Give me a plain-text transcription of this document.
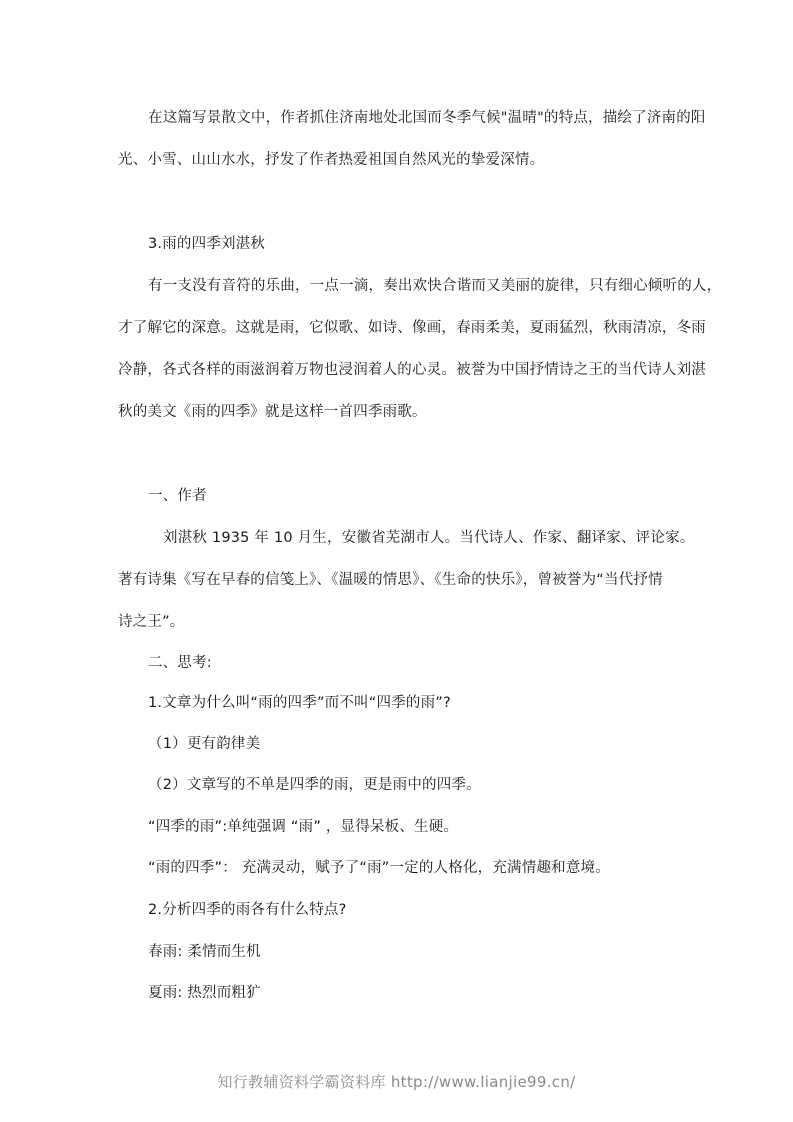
在这篇写景散文中，作者抓住济南地处北国而冬季气候"温晴"的特点，描绘了济南的阳
光、小雪、山山水水，抒发了作者热爱祖国自然风光的挚爱深情。
3.雨的四季刘湛秋
有一支没有音符的乐曲，一点一滴，奏出欢快合谐而又美丽的旋律，只有细心倾听的人，
才了解它的深意。这就是雨，它似歌、如诗、像画，春雨柔美，夏雨猛烈，秋雨清凉，冬雨
冷静，各式各样的雨滋润着万物也浸润着人的心灵。被誉为中国抒情诗之王的当代诗人刘湛
秋的美文《雨的四季》就是这样一首四季雨歌。
一、作者
刘湛秋 1935 年 10 月生，安徽省芜湖市人。当代诗人、作家、翻译家、评论家。
著有诗集《写在早春的信笺上》、《温暖的情思》、《生命的快乐》，曾被誉为“当代抒情
诗之王”。
二、思考:
1.文章为什么叫“雨的四季”而不叫“四季的雨”?
（1）更有韵律美
（2）文章写的不单是四季的雨，更是雨中的四季。
“四季的雨”:单纯强调 “雨” ，显得呆板、生硬。
“雨的四季”： 充满灵动，赋予了“雨”一定的人格化，充满情趣和意境。
2.分析四季的雨各有什么特点?
春雨: 柔情而生机
夏雨: 热烈而粗犷
知行教辅资料学霸资料库 http://www.lianjie99.cn/
